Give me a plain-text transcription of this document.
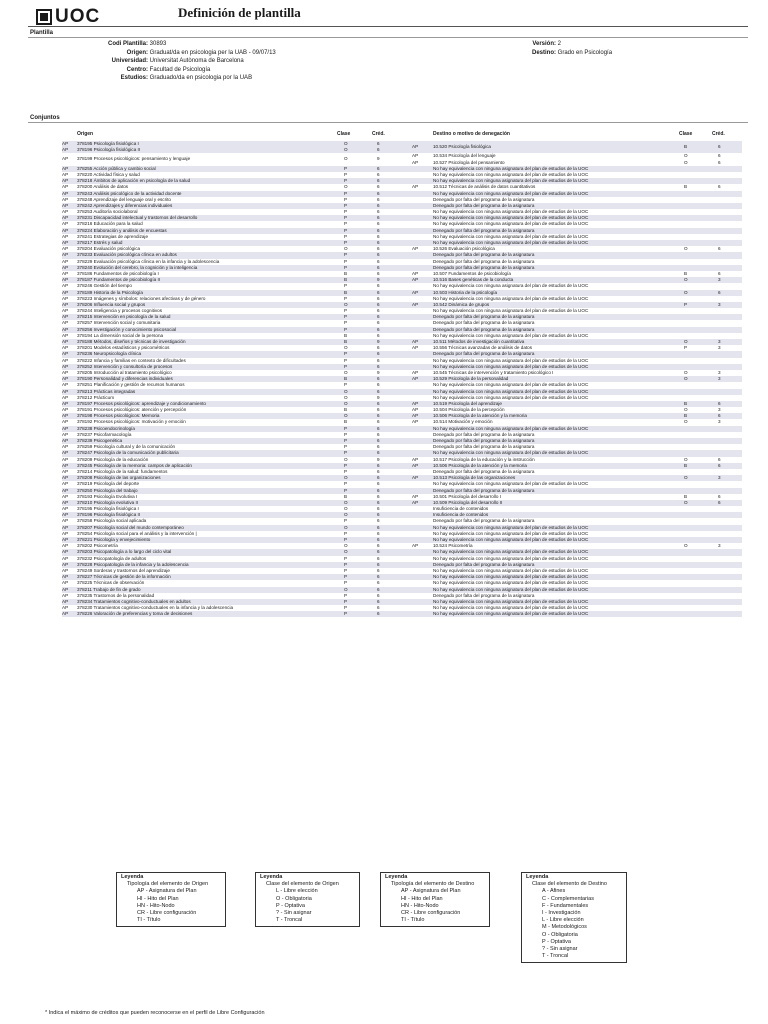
UOC	Definición de plantilla
Plantilla
Codi Plantilla: 30893
Origen: Graduat/da en psicologia per la UAB - 09/07/13
Universidad: Universitat Autònoma de Barcelona
Centro: Facultad de Psicología
Estudios: Graduado/da en psicologia por la UAB
Versión: 2
Destino: Grado en Psicología
Conjuntos
Origen	Clase	Créd.	Destino o motivo de denegación	Clase	Créd.
AP 378195 Psicología fisiológica I	O	6
AP 378196 Psicología fisiológica II	O	6
AP	10.520 Psicología fisiológica	B	6
AP 378199 Procesos psicológicos: pensamiento y lenguaje	O	9
AP	10.534 Psicología del lenguaje	O	6
AP	10.527 Psicología del pensamiento	O	6
AP 378255 Acción pública y cambio social	P	6	No hay equivalencia con ninguna asignatura del plan de estudios de la UOC
AP 378220 Actividad física y salud	P	6	No hay equivalencia con ninguna asignatura del plan de estudios de la UOC
AP 378218 Ámbitos de aplicación en psicología de la salud	P	6	No hay equivalencia con ninguna asignatura del plan de estudios de la UOC
AP 378200 Análisis de datos	O	6	AP	10.512 Técnicas de análisis de datos cuantitativos	B	6
AP 378243 Análisis psicológico de la actividad docente	P	6	No hay equivalencia con ninguna asignatura del plan de estudios de la UOC
AP 378248 Aprendizaje del lenguaje oral y escrito	P	6	Denegado por falta del programa de la asignatura
AP 378242 Aprendizajes y diferencias individuales	P	6	Denegado por falta del programa de la asignatura
AP 378253 Auditoría sociolaboral	P	6	No hay equivalencia con ninguna asignatura del plan de estudios de la UOC
AP 378231 Discapacidad intelectual y trastornos del desarrollo	P	6	No hay equivalencia con ninguna asignatura del plan de estudios de la UOC
AP 378216 Educación para la salud	P	6	No hay equivalencia con ninguna asignatura del plan de estudios de la UOC
AP 378224 Elaboración y análisis de encuestas	P	6	Denegado por falta del programa de la asignatura
AP 378241 Estrategias de aprendizaje	P	6	No hay equivalencia con ninguna asignatura del plan de estudios de la UOC
AP 378217 Estrés y salud	P	6	No hay equivalencia con ninguna asignatura del plan de estudios de la UOC
AP 378204 Evaluación psicológica	O	6	AP	10.526 Evaluación psicológica	O	6
AP 378233 Evaluación psicológica clínica en adultos	P	6	Denegado por falta del programa de la asignatura
AP 378229 Evaluación psicológica clínica en la infancia y la adolescencia	P	6	Denegado por falta del programa de la asignatura
AP 378240 Evolución del cerebro, la cognición y la inteligencia	P	6	Denegado por falta del programa de la asignatura
AP 378186 Fundamentos de psicobiología I	B	6	AP	10.507 Fundamentos de psicobiología	B	6
AP 378187 Fundamentos de psicobiología II	B	9	AP	10.516 Bases genéticas de la conducta	O	3
AP 378246 Gestión del tiempo	P	6	No hay equivalencia con ninguna asignatura del plan de estudios de la UOC
AP 378189 Historia de la Psicología	B	6	AP	10.503 Historia de la psicología	O	6
AP 378223 Imágenes y símbolos: relaciones afectivas y de género	P	6	No hay equivalencia con ninguna asignatura del plan de estudios de la UOC
AP 378206 Influencia social y grupos	O	6	AP	10.542 Dinámica de grupos	P	3
AP 378244 Inteligencia y procesos cognitivos	P	6	No hay equivalencia con ninguna asignatura del plan de estudios de la UOC
AP 378215 Intervención en psicología de la salud	P	6	Denegado por falta del programa de la asignatura
AP 378257 Intervención social y comunitaria	P	6	Denegado por falta del programa de la asignatura
AP 378256 Investigación y conocimiento psicosocial	P	6	Denegado por falta del programa de la asignatura
AP 378194 La dimensión social de la persona	B	6	No hay equivalencia con ninguna asignatura del plan de estudios de la UOC
AP 378188 Métodos, diseños y técnicas de investigación	B	9	AP	10.511 Métodos de investigación cuantitativa	O	3
AP 378201 Modelos estadísticos y psicométricos	O	6	AP	10.556 Técnicas avanzadas de análisis de datos	P	3
AP 378236 Neuropsicología clínica	P	6	Denegado por falta del programa de la asignatura
AP 378222 Infancia y familias en contexto de dificultades	P	6	No hay equivalencia con ninguna asignatura del plan de estudios de la UOC
AP 378252 Intervención y consultoría de procesos	P	6	No hay equivalencia con ninguna asignatura del plan de estudios de la UOC
AP 378205 Introducción al tratamiento psicológico	O	9	AP	10.545 Técnicas de intervención y tratamiento psicológico I	O	3
AP 378190 Personalidad y diferencias individuales	B	6	AP	10.529 Psicología de la personalidad	O	3
AP 378251 Planificación y gestión de recursos humanos	P	6	No hay equivalencia con ninguna asignatura del plan de estudios de la UOC
AP 378213 Prácticas integradas	O	6	No hay equivalencia con ninguna asignatura del plan de estudios de la UOC
AP 378212 Prácticum	O	9	No hay equivalencia con ninguna asignatura del plan de estudios de la UOC
AP 378197 Procesos psicológicos: aprendizaje y condicionamiento	O	6	AP	10.519 Psicología del aprendizaje	B	6
AP 378191 Procesos psicológicos: atención y percepción	B	6	AP	10.504 Psicología de la percepción	O	3
AP 378198 Procesos psicológicos: Memoria	O	6	AP	10.506 Psicología de la atención y la memoria	B	6
AP 378192 Procesos psicológicos: motivación y emoción	B	6	AP	10.514 Motivación y emoción	O	3
AP 378238 Psicoendocrinología	P	6	No hay equivalencia con ninguna asignatura del plan de estudios de la UOC
AP 378237 Psicofarmacología	P	6	Denegado por falta del programa de la asignatura
AP 378239 Psicogenética	P	6	Denegado por falta del programa de la asignatura
AP 378259 Psicología cultural y de la comunicación	P	6	Denegado por falta del programa de la asignatura
AP 378247 Psicología de la comunicación publicitaria	P	6	No hay equivalencia con ninguna asignatura del plan de estudios de la UOC
AP 378209 Psicología de la educación	O	9	AP	10.517 Psicología de la educación y la instrucción	O	6
AP 378245 Psicología de la memoria: campos de aplicación	P	6	AP	10.506 Psicología de la atención y la memoria	B	6
AP 378214 Psicología de la salud: fundamentos	P	6	Denegado por falta del programa de la asignatura
AP 378208 Psicología de las organizaciones	O	6	AP	10.513 Psicología de las organizaciones	O	3
AP 378219 Psicología del deporte	P	6	No hay equivalencia con ninguna asignatura del plan de estudios de la UOC
AP 378250 Psicología del trabajo	P	6	Denegado por falta del programa de la asignatura
AP 378193 Psicología Evolutiva I	B	6	AP	10.501 Psicología del desarrollo I	B	6
AP 378210 Psicología evolutiva II	O	6	AP	10.509 Psicología del desarrollo II	O	6
AP 378195 Psicología fisiológica I	O	6	Insuficiencia de contenidos
AP 378196 Psicología fisiológica II	O	6	Insuficiencia de contenidos
AP 378258 Psicología social aplicada	P	6	Denegado por falta del programa de la asignatura
AP 378207 Psicología social del mundo contemporáneo	O	6	No hay equivalencia con ninguna asignatura del plan de estudios de la UOC
AP 378254 Psicología social para el análisis y la intervención |	P	6	No hay equivalencia con ninguna asignatura del plan de estudios de la UOC
AP 378221 Psicología y envejecimiento	P	6	No hay equivalencia con ninguna asignatura del plan de estudios de la UOC
AP 378202 Psicometría	O	6	AP	10.524 Psicometría	O	3
AP 378203 Psicopatología a lo largo del ciclo vital	O	6	No hay equivalencia con ninguna asignatura del plan de estudios de la UOC
AP 378232 Psicopatología de adultos	P	6	No hay equivalencia con ninguna asignatura del plan de estudios de la UOC
AP 378228 Psicopatología de la infancia y la adolescencia	P	6	Denegado por falta del programa de la asignatura
AP 378249 Sorderas y trastornos del aprendizaje	P	6	No hay equivalencia con ninguna asignatura del plan de estudios de la UOC
AP 378227 Técnicas de gestión de la información	P	6	No hay equivalencia con ninguna asignatura del plan de estudios de la UOC
AP 378225 Técnicas de observación	P	6	No hay equivalencia con ninguna asignatura del plan de estudios de la UOC
AP 378211 Trabajo de fin de grado	O	6	No hay equivalencia con ninguna asignatura del plan de estudios de la UOC
AP 378235 Trastornos de la personalidad	P	6	Denegado por falta del programa de la asignatura
AP 378234 Tratamientos cognitivo-conductuales en adultos	P	6	No hay equivalencia con ninguna asignatura del plan de estudios de la UOC
AP 378230 Tratamientos cognitivo-conductuales en la infancia y la adolescencia	P	6	No hay equivalencia con ninguna asignatura del plan de estudios de la UOC
AP 378226 Valoración de preferencias y toma de decisiones	P	6	No hay equivalencia con ninguna asignatura del plan de estudios de la UOC
Leyenda
Tipología del elemento de Origen
AP - Asignatura del Plan
HI - Hito del Plan
HN - Hito-Nodo
CR - Libre configuración
TI - Título
Leyenda
Clase del elemento de Origen
L - Libre elección
O - Obligatoria
P - Optativa
? - Sin asignar
T - Troncal
Leyenda
Tipología del elemento de Destino
AP - Asignatura del Plan
HI - Hito del Plan
HN - Hito-Nodo
CR - Libre configuración
TI - Título
Leyenda
Clase del elemento de Destino
A - Afines
C - Complementarias
F - Fundamentales
I - Investigación
L - Libre elección
M - Metodológicos
O - Obligatoria
P - Optativa
? - Sin asignar
T - Troncal
* Indica el máximo de créditos que pueden reconocerse en el perfil de Libre Configuración
